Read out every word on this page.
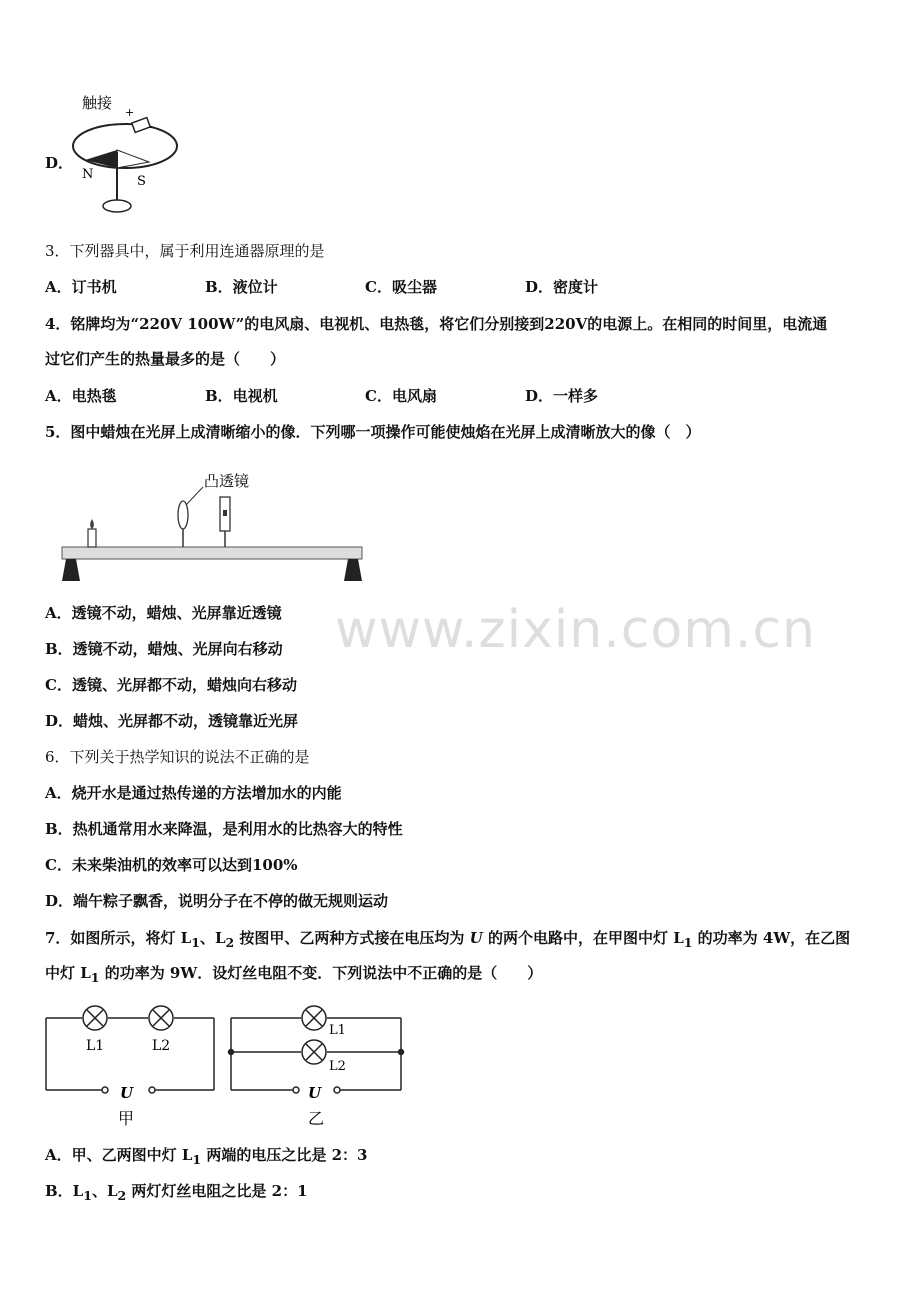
D．
触接
+
-
N	S
3．下列器具中，属于利用连通器原理的是
A．订书机	B．液位计	C．吸尘器	D．密度计
4．铭牌均为“220V 100W”的电风扇、电视机、电热毯，将它们分别接到220V的电源上。在相同的时间里，电流通
过它们产生的热量最多的是（　　）
A．电热毯	B．电视机	C．电风扇	D．一样多
5．图中蜡烛在光屏上成清晰缩小的像．下列哪一项操作可能使烛焰在光屏上成清晰放大的像（　）
凸透镜
A．透镜不动，蜡烛、光屏靠近透镜
B．透镜不动，蜡烛、光屏向右移动
C．透镜、光屏都不动，蜡烛向右移动
D．蜡烛、光屏都不动，透镜靠近光屏
6．下列关于热学知识的说法不正确的是
A．烧开水是通过热传递的方法增加水的内能
B．热机通常用水来降温，是利用水的比热容大的特性
C．未来柴油机的效率可以达到100%
D．端午粽子飘香，说明分子在不停的做无规则运动
7．如图所示，将灯 $L_1$、$L_2$ 按图甲、乙两种方式接在电压均为 U 的两个电路中，在甲图中灯 $L_1$ 的功率为 4W，在乙图
中灯 $L_1$ 的功率为 9W．设灯丝电阻不变．下列说法中不正确的是（　　）
L1	L2
U
甲
L1
L2
U
乙
A．甲、乙两图中灯 $L_1$ 两端的电压之比是 2：3
B．$L_1$、$L_2$ 两灯灯丝电阻之比是 2：1
www.zixin.com.cn
